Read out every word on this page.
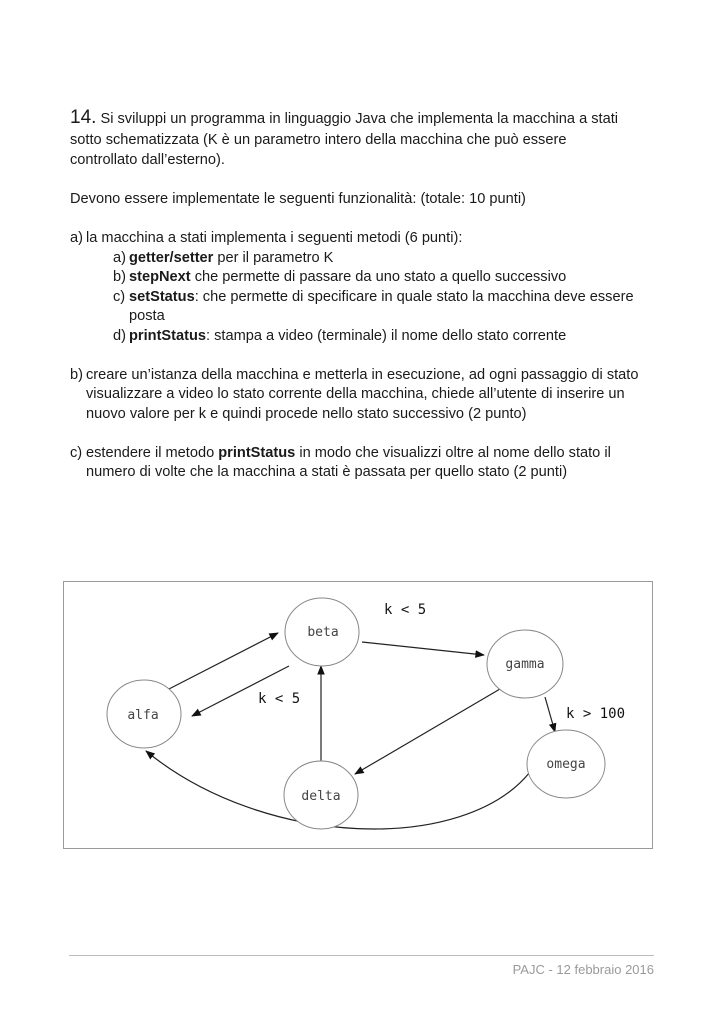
14. Si sviluppi un programma in linguaggio Java che implementa la macchina a stati
sotto schematizzata (K è un parametro intero della macchina che può essere
controllato dall’esterno).
Devono essere implementate le seguenti funzionalità: (totale: 10 punti)
a) la macchina a stati implementa i seguenti metodi (6 punti):
a) getter/setter per il parametro K
b) stepNext che permette di passare da uno stato a quello successivo
c) setStatus: che permette di specificare in quale stato la macchina deve essere
posta
d) printStatus: stampa a video (terminale) il nome dello stato corrente
b) creare un’istanza della macchina e metterla in esecuzione, ad ogni passaggio di stato
visualizzare a video lo stato corrente della macchina, chiede all’utente di inserire un
nuovo valore per k e quindi procede nello stato successivo (2 punto)
c) estendere il metodo printStatus in modo che visualizzi oltre al nome dello stato il
numero di volte che la macchina a stati è passata per quello stato (2 punti)
alfa
beta
gamma
delta
omega
k < 5
k < 5
k > 100
PAJC - 12 febbraio 2016
